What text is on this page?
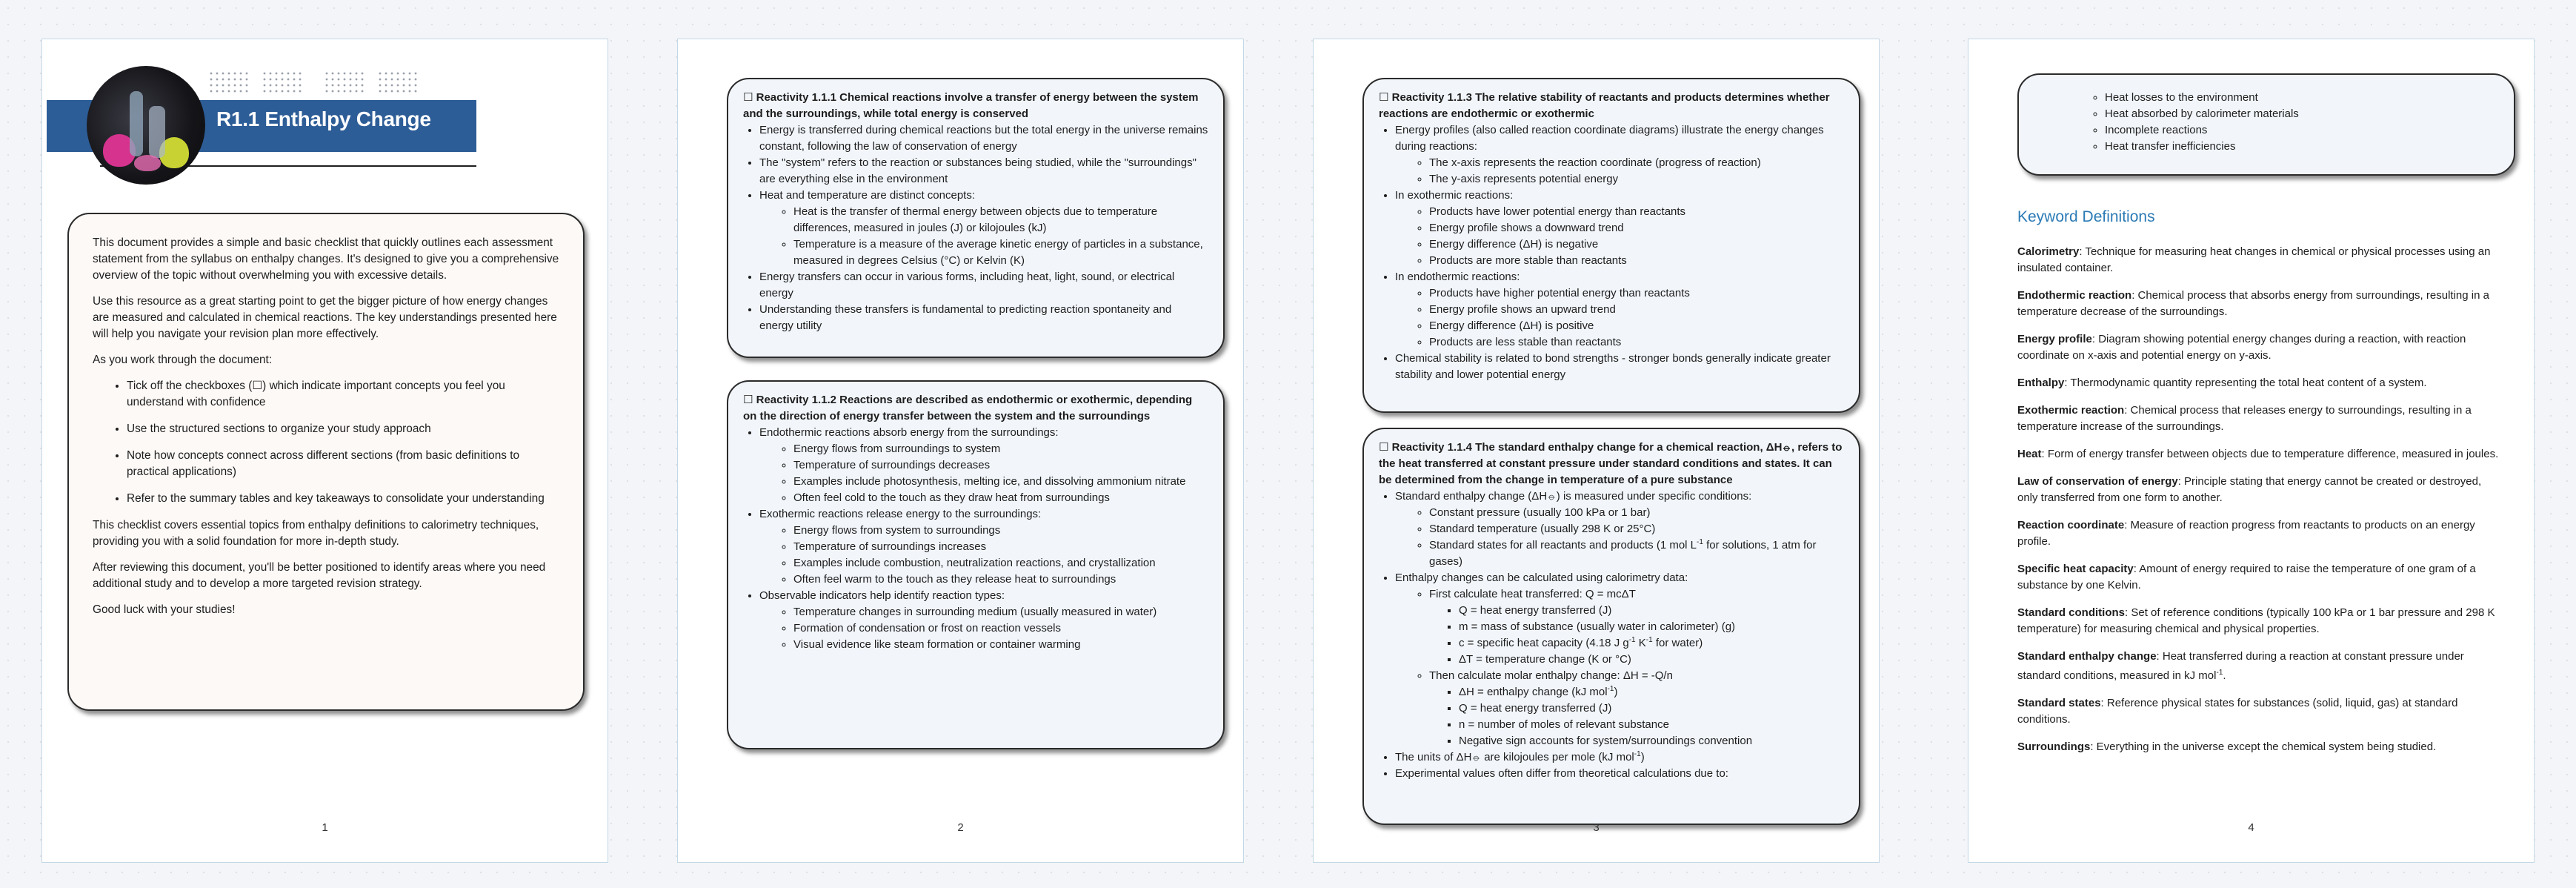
R1.1 Enthalpy Change

This document provides a simple and basic checklist that quickly outlines each assessment statement from the syllabus on enthalpy changes. It's designed to give you a comprehensive overview of the topic without overwhelming you with excessive details.

Use this resource as a great starting point to get the bigger picture of how energy changes are measured and calculated in chemical reactions. The key understandings presented here will help you navigate your revision plan more effectively.

As you work through the document:

• Tick off the checkboxes (☐) which indicate important concepts you feel you understand with confidence
• Use the structured sections to organize your study approach
• Note how concepts connect across different sections (from basic definitions to practical applications)
• Refer to the summary tables and key takeaways to consolidate your understanding

This checklist covers essential topics from enthalpy definitions to calorimetry techniques, providing you with a solid foundation for more in-depth study.

After reviewing this document, you'll be better positioned to identify areas where you need additional study and to develop a more targeted revision strategy.

Good luck with your studies!

1

☐ Reactivity 1.1.1 Chemical reactions involve a transfer of energy between the system and the surroundings, while total energy is conserved

• Energy is transferred during chemical reactions but the total energy in the universe remains constant, following the law of conservation of energy
• The "system" refers to the reaction or substances being studied, while the "surroundings" are everything else in the environment
• Heat and temperature are distinct concepts:
◦ Heat is the transfer of thermal energy between objects due to temperature differences, measured in joules (J) or kilojoules (kJ)
◦ Temperature is a measure of the average kinetic energy of particles in a substance, measured in degrees Celsius (°C) or Kelvin (K)
• Energy transfers can occur in various forms, including heat, light, sound, or electrical energy
• Understanding these transfers is fundamental to predicting reaction spontaneity and energy utility

☐ Reactivity 1.1.2 Reactions are described as endothermic or exothermic, depending on the direction of energy transfer between the system and the surroundings

• Endothermic reactions absorb energy from the surroundings:
◦ Energy flows from surroundings to system
◦ Temperature of surroundings decreases
◦ Examples include photosynthesis, melting ice, and dissolving ammonium nitrate
◦ Often feel cold to the touch as they draw heat from surroundings
• Exothermic reactions release energy to the surroundings:
◦ Energy flows from system to surroundings
◦ Temperature of surroundings increases
◦ Examples include combustion, neutralization reactions, and crystallization
◦ Often feel warm to the touch as they release heat to surroundings
• Observable indicators help identify reaction types:
◦ Temperature changes in surrounding medium (usually measured in water)
◦ Formation of condensation or frost on reaction vessels
◦ Visual evidence like steam formation or container warming
2

☐ Reactivity 1.1.3 The relative stability of reactants and products determines whether reactions are endothermic or exothermic

• Energy profiles (also called reaction coordinate diagrams) illustrate the energy changes during reactions:
◦ The x-axis represents the reaction coordinate (progress of reaction)
◦ The y-axis represents potential energy
• In exothermic reactions:
◦ Products have lower potential energy than reactants
◦ Energy profile shows a downward trend
◦ Energy difference (ΔH) is negative
◦ Products are more stable than reactants
• In endothermic reactions:
◦ Products have higher potential energy than reactants
◦ Energy profile shows an upward trend
◦ Energy difference (ΔH) is positive
◦ Products are less stable than reactants
• Chemical stability is related to bond strengths - stronger bonds generally indicate greater stability and lower potential energy

☐ Reactivity 1.1.4 The standard enthalpy change for a chemical reaction, ΔH⦵, refers to the heat transferred at constant pressure under standard conditions and states. It can be determined from the change in temperature of a pure substance

• Standard enthalpy change (ΔH⦵) is measured under specific conditions:
◦ Constant pressure (usually 100 kPa or 1 bar)
◦ Standard temperature (usually 298 K or 25°C)
◦ Standard states for all reactants and products (1 mol $L^{-1}$ for solutions, 1 atm for gases)
• Enthalpy changes can be calculated using calorimetry data:
◦ First calculate heat transferred: Q = mcΔT
▪ Q = heat energy transferred (J)
▪ m = mass of substance (usually water in calorimeter) (g)
▪ c = specific heat capacity (4.18 J $g^{-1}$ $K^{-1}$ for water)
▪ ΔT = temperature change (K or °C)
◦ Then calculate molar enthalpy change: ΔH = -Q/n
▪ ΔH = enthalpy change (kJ mol$^{-1}$)
▪ Q = heat energy transferred (J)
▪ n = number of moles of relevant substance
▪ Negative sign accounts for system/surroundings convention
• The units of ΔH⦵ are kilojoules per mole (kJ mol$^{-1}$)
• Experimental values often differ from theoretical calculations due to:
3
◦ Heat losses to the environment
◦ Heat absorbed by calorimeter materials
◦ Incomplete reactions
◦ Heat transfer inefficiencies
Keyword Definitions

Calorimetry: Technique for measuring heat changes in chemical or physical processes using an insulated container.

Endothermic reaction: Chemical process that absorbs energy from surroundings, resulting in a temperature decrease of the surroundings.

Energy profile: Diagram showing potential energy changes during a reaction, with reaction coordinate on x-axis and potential energy on y-axis.

Enthalpy: Thermodynamic quantity representing the total heat content of a system.

Exothermic reaction: Chemical process that releases energy to surroundings, resulting in a temperature increase of the surroundings.

Heat: Form of energy transfer between objects due to temperature difference, measured in joules.

Law of conservation of energy: Principle stating that energy cannot be created or destroyed, only transferred from one form to another.

Reaction coordinate: Measure of reaction progress from reactants to products on an energy profile.

Specific heat capacity: Amount of energy required to raise the temperature of one gram of a substance by one Kelvin.

Standard conditions: Set of reference conditions (typically 100 kPa or 1 bar pressure and 298 K temperature) for measuring chemical and physical properties.

Standard enthalpy change: Heat transferred during a reaction at constant pressure under standard conditions, measured in kJ mol$^{-1}$.

Standard states: Reference physical states for substances (solid, liquid, gas) at standard conditions.

Surroundings: Everything in the universe except the chemical system being studied.

4
